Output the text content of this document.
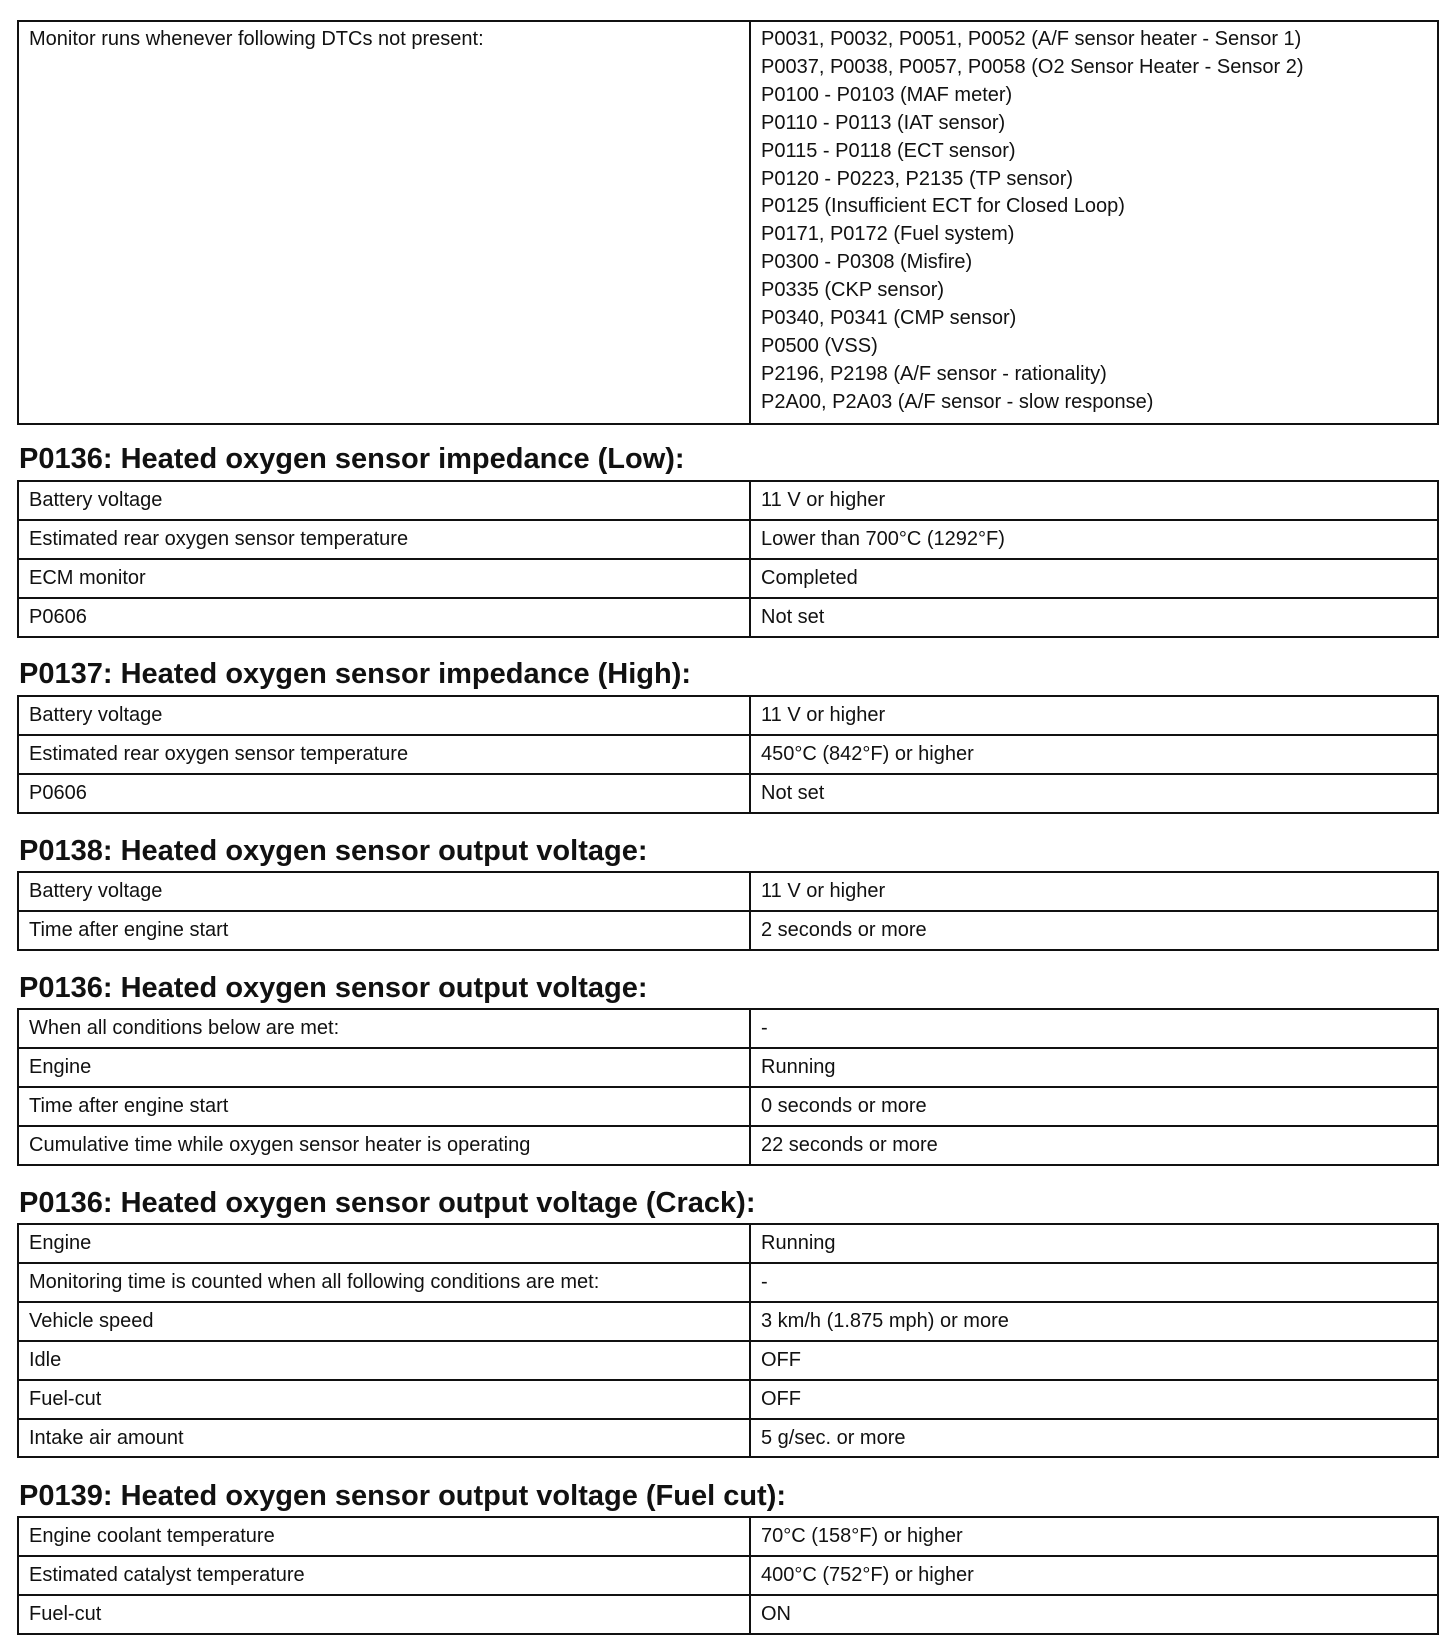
Monitor runs whenever following DTCs not present:	P0031, P0032, P0051, P0052 (A/F sensor heater - Sensor 1)
P0037, P0038, P0057, P0058 (O2 Sensor Heater - Sensor 2)
P0100 - P0103 (MAF meter)
P0110 - P0113 (IAT sensor)
P0115 - P0118 (ECT sensor)
P0120 - P0223, P2135 (TP sensor)
P0125 (Insufficient ECT for Closed Loop)
P0171, P0172 (Fuel system)
P0300 - P0308 (Misfire)
P0335 (CKP sensor)
P0340, P0341 (CMP sensor)
P0500 (VSS)
P2196, P2198 (A/F sensor - rationality)
P2A00, P2A03 (A/F sensor - slow response)
P0136: Heated oxygen sensor impedance (Low):
Battery voltage	11 V or higher
Estimated rear oxygen sensor temperature	Lower than 700°C (1292°F)
ECM monitor	Completed
P0606	Not set
P0137: Heated oxygen sensor impedance (High):
Battery voltage	11 V or higher
Estimated rear oxygen sensor temperature	450°C (842°F) or higher
P0606	Not set
P0138: Heated oxygen sensor output voltage:
Battery voltage	11 V or higher
Time after engine start	2 seconds or more
P0136: Heated oxygen sensor output voltage:
When all conditions below are met:	-
Engine	Running
Time after engine start	0 seconds or more
Cumulative time while oxygen sensor heater is operating	22 seconds or more
P0136: Heated oxygen sensor output voltage (Crack):
Engine	Running
Monitoring time is counted when all following conditions are met:	-
Vehicle speed	3 km/h (1.875 mph) or more
Idle	OFF
Fuel-cut	OFF
Intake air amount	5 g/sec. or more
P0139: Heated oxygen sensor output voltage (Fuel cut):
Engine coolant temperature	70°C (158°F) or higher
Estimated catalyst temperature	400°C (752°F) or higher
Fuel-cut	ON
